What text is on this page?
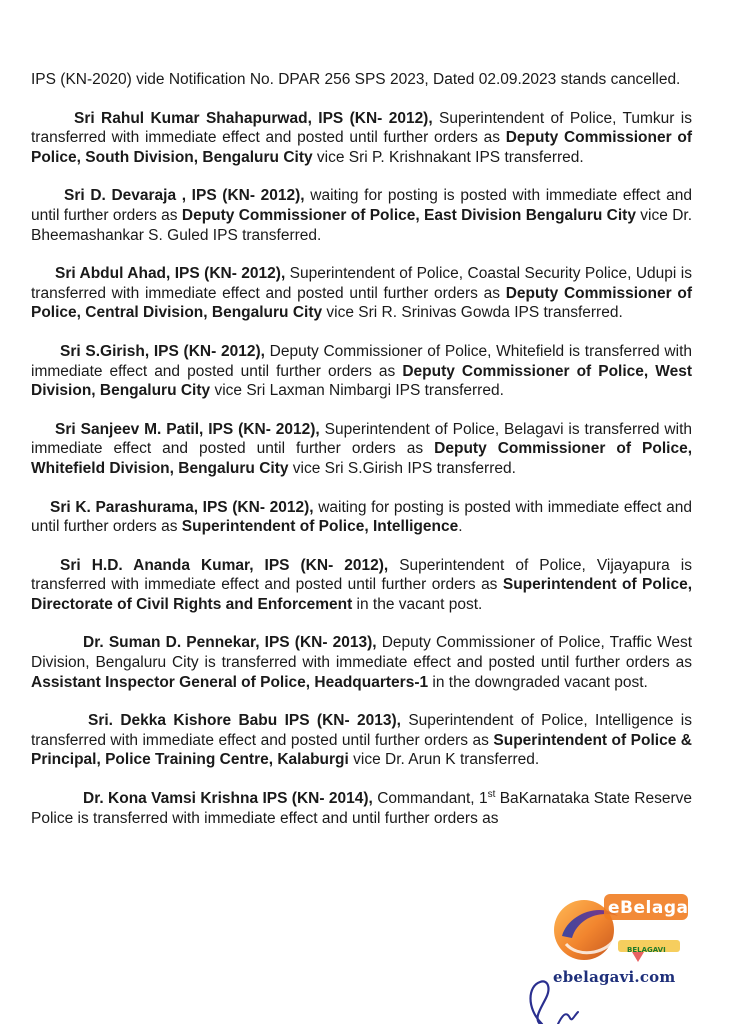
IPS (KN-2020) vide Notification No. DPAR 256 SPS 2023, Dated 02.09.2023 stands cancelled.

Sri Rahul Kumar Shahapurwad, IPS (KN- 2012), Superintendent of Police, Tumkur is transferred with immediate effect and posted until further orders as Deputy Commissioner of Police, South Division, Bengaluru City vice Sri P. Krishnakant IPS transferred.

Sri D. Devaraja , IPS (KN- 2012), waiting for posting is posted with immediate effect and until further orders as Deputy Commissioner of Police, East Division Bengaluru City vice Dr. Bheemashankar S. Guled IPS transferred.

Sri Abdul Ahad, IPS (KN- 2012), Superintendent of Police, Coastal Security Police, Udupi is transferred with immediate effect and posted until further orders as Deputy Commissioner of Police, Central Division, Bengaluru City vice Sri R. Srinivas Gowda IPS transferred.

Sri S.Girish, IPS (KN- 2012), Deputy Commissioner of Police, Whitefield is transferred with immediate effect and posted until further orders as Deputy Commissioner of Police, West Division, Bengaluru City vice Sri Laxman Nimbargi IPS transferred.

Sri Sanjeev M. Patil, IPS (KN- 2012), Superintendent of Police, Belagavi is transferred with immediate effect and posted until further orders as Deputy Commissioner of Police, Whitefield Division, Bengaluru City vice Sri S.Girish IPS transferred.

Sri K. Parashurama, IPS (KN- 2012), waiting for posting is posted with immediate effect and until further orders as Superintendent of Police, Intelligence.

Sri H.D. Ananda Kumar, IPS (KN- 2012), Superintendent of Police, Vijayapura is transferred with immediate effect and posted until further orders as Superintendent of Police, Directorate of Civil Rights and Enforcement in the vacant post.

Dr. Suman D. Pennekar, IPS (KN- 2013), Deputy Commissioner of Police, Traffic West Division, Bengaluru City is transferred with immediate effect and posted until further orders as Assistant Inspector General of Police, Headquarters-1 in the downgraded vacant post.

Sri. Dekka Kishore Babu IPS (KN- 2013), Superintendent of Police, Intelligence is transferred with immediate effect and posted until further orders as Superintendent of Police & Principal, Police Training Centre, Kalaburgi vice Dr. Arun K transferred.

Dr. Kona Vamsi Krishna IPS (KN- 2014), Commandant, 1st BaKarnataka State Reserve Police is transferred with immediate effect and until further orders as

eBelagavi
BELAGAVI
ebelagavi.com
